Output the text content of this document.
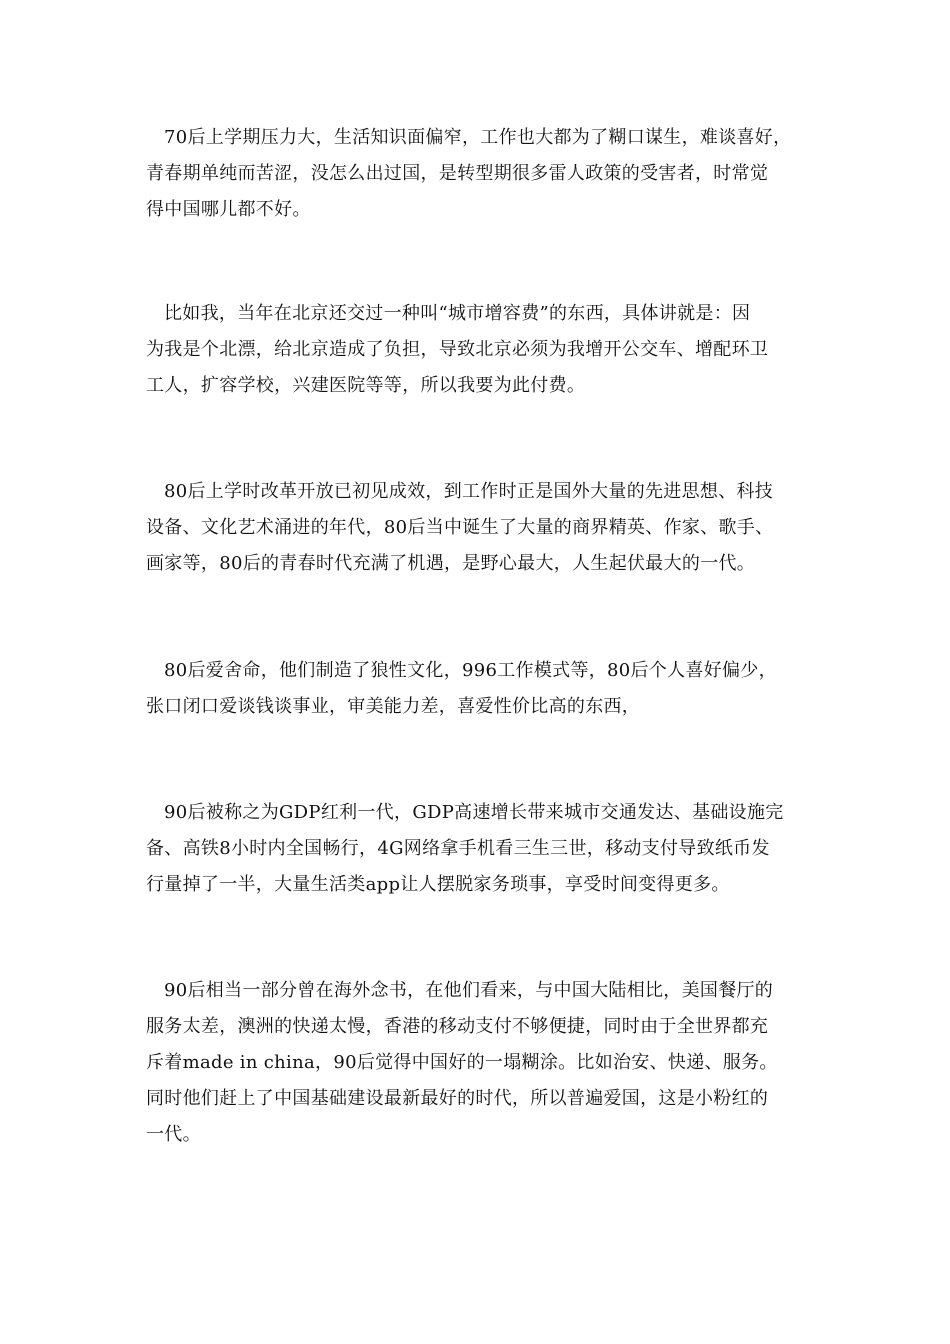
70后上学期压力大，生活知识面偏窄，工作也大都为了糊口谋生，难谈喜好，
青春期单纯而苦涩，没怎么出过国，是转型期很多雷人政策的受害者，时常觉
得中国哪儿都不好。
比如我，当年在北京还交过一种叫“城市增容费”的东西，具体讲就是：因
为我是个北漂，给北京造成了负担，导致北京必须为我增开公交车、增配环卫
工人，扩容学校，兴建医院等等，所以我要为此付费。
80后上学时改革开放已初见成效，到工作时正是国外大量的先进思想、科技
设备、文化艺术涌进的年代，80后当中诞生了大量的商界精英、作家、歌手、
画家等，80后的青春时代充满了机遇，是野心最大，人生起伏最大的一代。
80后爱舍命，他们制造了狼性文化，996工作模式等，80后个人喜好偏少，
张口闭口爱谈钱谈事业，审美能力差，喜爱性价比高的东西，
90后被称之为GDP红利一代，GDP高速增长带来城市交通发达、基础设施完
备、高铁8小时内全国畅行，4G网络拿手机看三生三世，移动支付导致纸币发
行量掉了一半，大量生活类app让人摆脱家务琐事，享受时间变得更多。
90后相当一部分曾在海外念书，在他们看来，与中国大陆相比，美国餐厅的
服务太差，澳洲的快递太慢，香港的移动支付不够便捷，同时由于全世界都充
斥着made in china，90后觉得中国好的一塌糊涂。比如治安、快递、服务。
同时他们赶上了中国基础建设最新最好的时代，所以普遍爱国，这是小粉红的
一代。
